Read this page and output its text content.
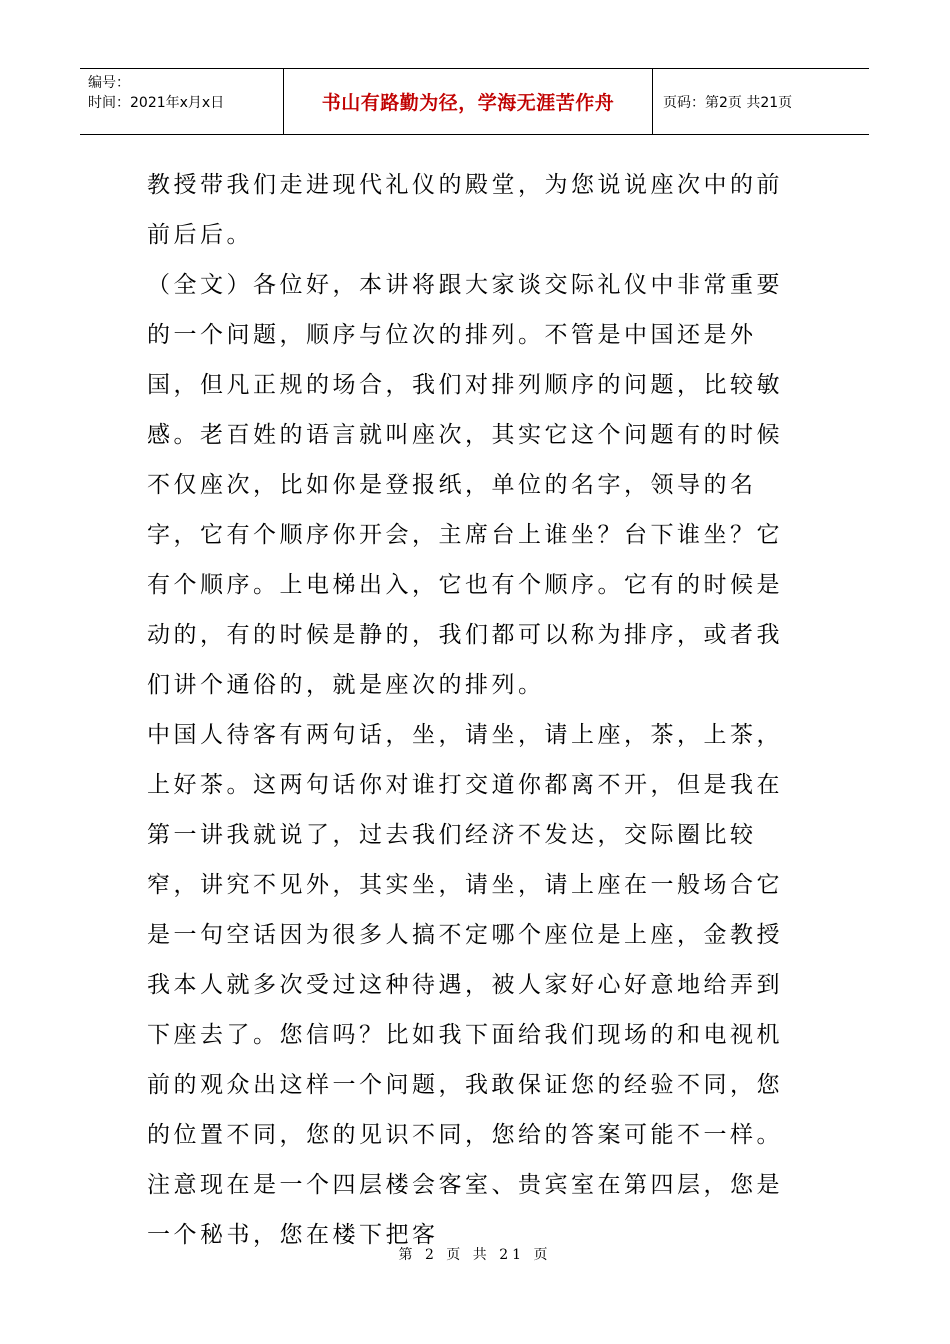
编号：
时间：2021年x月x日	书山有路勤为径，学海无涯苦作舟	页码：第2页 共21页

教授带我们走进现代礼仪的殿堂，为您说说座次中的前前后后。

（全文）各位好，本讲将跟大家谈交际礼仪中非常重要的一个问题，顺序与位次的排列。不管是中国还是外国，但凡正规的场合，我们对排列顺序的问题，比较敏感。老百姓的语言就叫座次，其实它这个问题有的时候不仅座次，比如你是登报纸，单位的名字，领导的名字，它有个顺序你开会，主席台上谁坐？台下谁坐？它有个顺序。上电梯出入，它也有个顺序。它有的时候是动的，有的时候是静的，我们都可以称为排序，或者我们讲个通俗的，就是座次的排列。

中国人待客有两句话，坐，请坐，请上座，茶，上茶，上好茶。这两句话你对谁打交道你都离不开，但是我在第一讲我就说了，过去我们经济不发达，交际圈比较窄，讲究不见外，其实坐，请坐，请上座在一般场合它是一句空话因为很多人搞不定哪个座位是上座，金教授我本人就多次受过这种待遇，被人家好心好意地给弄到下座去了。您信吗？比如我下面给我们现场的和电视机前的观众出这样一个问题，我敢保证您的经验不同，您的位置不同，您的见识不同，您给的答案可能不一样。注意现在是一个四层楼会客室、贵宾室在第四层，您是一个秘书，您在楼下把客

第 2 页 共 21 页
